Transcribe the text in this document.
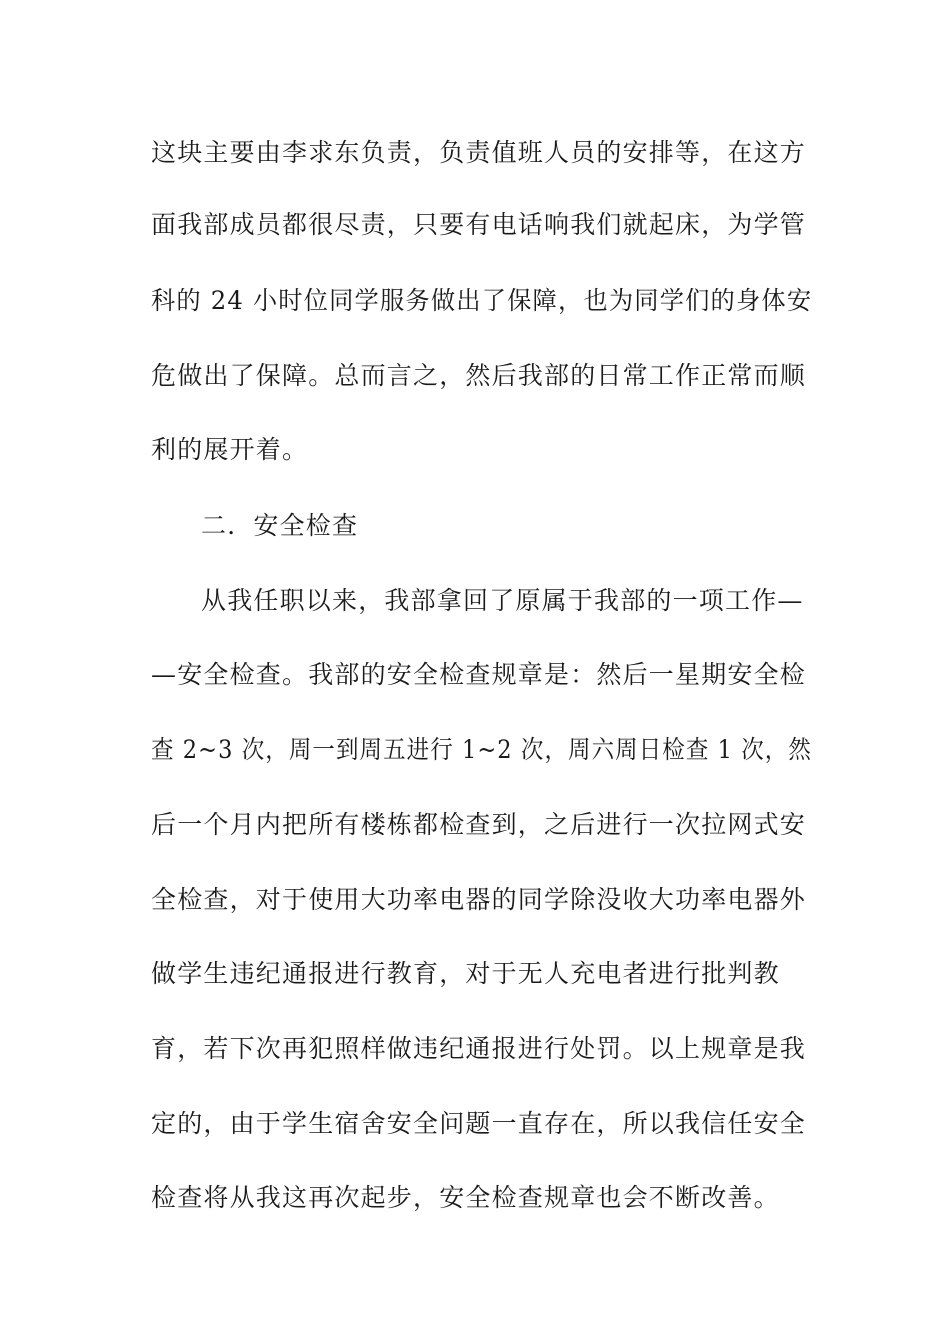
这块主要由李求东负责，负责值班人员的安排等，在这方
面我部成员都很尽责，只要有电话响我们就起床，为学管
科的 24 小时位同学服务做出了保障，也为同学们的身体安
危做出了保障。总而言之，然后我部的日常工作正常而顺
利的展开着。
二．安全检查
从我任职以来，我部拿回了原属于我部的一项工作—
—安全检查。我部的安全检查规章是：然后一星期安全检
查 2~3 次，周一到周五进行 1~2 次，周六周日检查 1 次，然
后一个月内把所有楼栋都检查到，之后进行一次拉网式安
全检查，对于使用大功率电器的同学除没收大功率电器外
做学生违纪通报进行教育，对于无人充电者进行批判教
育，若下次再犯照样做违纪通报进行处罚。以上规章是我
定的，由于学生宿舍安全问题一直存在，所以我信任安全
检查将从我这再次起步，安全检查规章也会不断改善。
